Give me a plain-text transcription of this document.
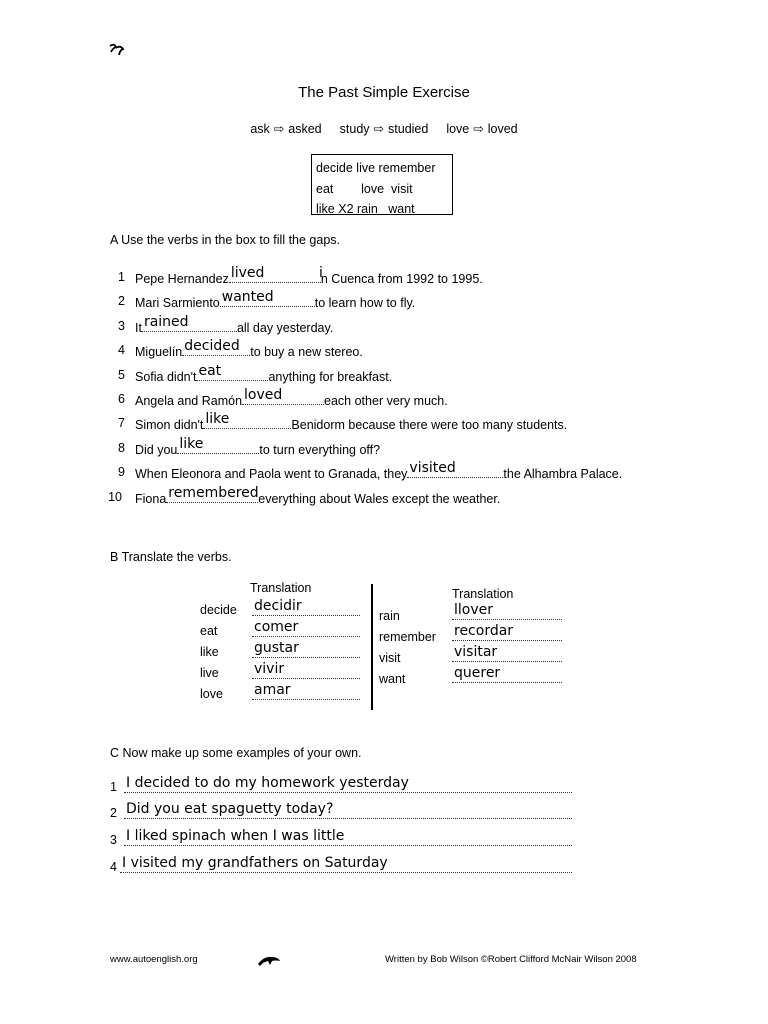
The Past Simple Exercise
ask ⇨ asked study ⇨ studied love ⇨ loved
decide live remember
eat        love  visit
like X2 rain   want
A Use the verbs in the box to fill the gaps.
1 Pepe Hernandez lived	i
n Cuenca from 1992 to 1995.
2 Mari Sarmiento wanted	to learn how to fly.
3 It rained	all day yesterday.
4 Miguelín decided to buy a new stereo.
5 Sofia didn't eat	anything for breakfast.
6 Angela and Ramón loved	each other very much.
7 Simon didn't like	Benidorm because there were too many students.
8 Did you like	to turn everything off?
9 When Eleonora and Paola went to Granada, they visited	the Alhambra Palace.
10 Fiona remembered everything about Wales except the weather.
B Translate the verbs.
Translation	Translation
decide decidir
eat	comer
like	gustar
live	vivir
love amar
rain	llover
remember recordar
visit	visitar
want	querer
C Now make up some examples of your own.
1 I decided to do my homework yesterday
2 Did you eat spaguetty today?
3 I liked spinach when I was little
4 I visited my grandfathers on Saturday
www.autoenglish.org	Written by Bob Wilson ©Robert Clifford McNair Wilson 2008
